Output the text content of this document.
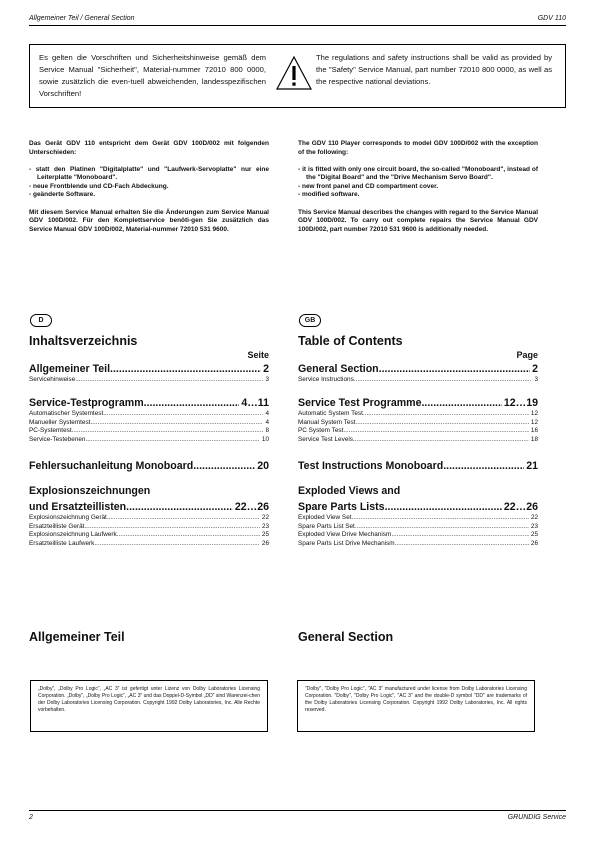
Allgemeiner Teil / General Section	GDV 110
Es gelten die Vorschriften und Sicherheitshinweise gemäß dem Service Manual "Sicherheit", Material-nummer 72010 800 0000, sowie zusätzlich die even-tuell abweichenden, landesspezifischen Vorschriften!
The regulations and safety instructions shall be valid as provided by the "Safety" Service Manual, part number 72010 800 0000, as well as the respective national deviations.

Das Gerät GDV 110 entspricht dem Gerät GDV 100D/002 mit folgenden Unterschieden:

- statt den Platinen "Digitalplatte" und "Laufwerk-Servoplatte" nur eine Leiterplatte "Monoboard".
- neue Frontblende und CD-Fach Abdeckung.
- geänderte Software.

Mit diesem Service Manual erhalten Sie die Änderungen zum Service Manual GDV 100D/002. Für den Komplettservice benöti-gen Sie zusätzlich das Service Manual GDV 100D/002, Material-nummer 72010 531 9600.

The GDV 110 Player corresponds to model GDV 100D/002 with the exception of the following:

- it is fitted with only one circuit board, the so-called "Monoboard", instead of the "Digital Board" and the "Drive Mechanism Servo Board".
- new front panel and CD compartment cover.
- modified software.

This Service Manual describes the changes with regard to the Service Manual GDV 100D/002. To carry out complete repairs the Service Manual GDV 100D/002, part number 72010 531 9600 is additionally needed.

D
Inhaltsverzeichnis
Seite
Allgemeiner Teil .....	2
Servicehinweise .....	3
Service-Testprogramm .....	4…11
Automatischer Systemtest .....	4
Manueller Systemtest .....	4
PC-Systemtest .....	8
Service-Testebenen .....	10
Fehlersuchanleitung Monoboard .....	20
Explosionszeichnungen
und Ersatzteillisten .....	22…26
Explosionszeichnung Gerät .....	22
Ersatzteilliste Gerät .....	23
Explosionszeichnung Laufwerk .....	25
Ersatzteilliste Laufwerk .....	26
GB
Table of Contents
Page
General Section .....	2
Service Instructions .....	3
Service Test Programme .....	12…19
Automatic System Test .....	12
Manual System Test .....	12
PC System Test .....	16
Service Test Levels .....	18
Test Instructions Monoboard .....	21
Exploded Views and
Spare Parts Lists .....	22…26
Exploded View Set .....	22
Spare Parts List Set .....	23
Exploded View Drive Mechanism .....	25
Spare Parts List Drive Mechanism .....	26
Allgemeiner Teil	General Section
„Dolby“, „Dolby Pro Logic“, „AC 3“ ist gefertigt unter Lizenz von Dolby Laboratories Licensing Corporation. „Dolby“, „Dolby Pro Logic“, „AC 3“ und das Doppel-D-Symbol „DD“ sind Warenzei-chen der Dolby Laboratories Licensing Corporation. Copyright 1992 Dolby Laboratories, Inc. Alle Rechte vorbehalten.
"Dolby", "Dolby Pro Logic", "AC 3" manufactured under license from Dolby Laboratories Licensing Corporation. "Dolby", "Dolby Pro Logic", "AC 3" and the double-D symbol "DD" are trademarks of the Dolby Laboratories Licensing Corporation. Copyright 1992 Dolby Laboratories, Inc. All rights reserved.
2	GRUNDIG Service
